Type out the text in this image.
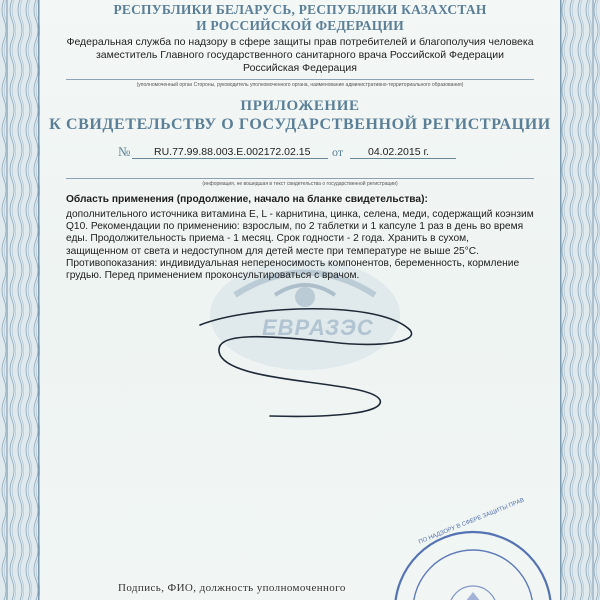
ЕВРАЗЭС
РЕСПУБЛИКИ БЕЛАРУСЬ, РЕСПУБЛИКИ КАЗАХСТАН
И РОССИЙСКОЙ ФЕДЕРАЦИИ
Федеральная служба по надзору в сфере защиты прав потребителей и благополучия человека
заместитель Главного государственного санитарного врача Российской Федерации
Российская Федерация
(уполномоченный орган Стороны, руководитель уполномоченного органа, наименование административно-территориального образования)
ПРИЛОЖЕНИЕ
К СВИДЕТЕЛЬСТВУ О ГОСУДАРСТВЕННОЙ РЕГИСТРАЦИИ
№ RU.77.99.88.003.E.002172.02.15 от 04.02.2015 г.
(информация, не вошедшая в текст свидетельства о государственной регистрации)
Область применения (продолжение, начало на бланке свидетельства):
дополнительного источника витамина Е, L - карнитина, цинка, селена, меди, содержащий коэнзим
Q10. Рекомендации по применению: взрослым, по 2 таблетки и 1 капсуле 1 раз в день во время
еды. Продолжительность приема - 1 месяц. Срок годности - 2 года. Хранить в сухом,
защищенном от света и недоступном для детей месте при температуре не выше 25°С.
Противопоказания: индивидуальная непереносимость компонентов, беременность, кормление
грудью. Перед применением проконсультироваться с врачом.
ПО НАДЗОРУ В СФЕРЕ ЗАЩИТЫ ПРАВ
Подпись, ФИО, должность уполномоченного
